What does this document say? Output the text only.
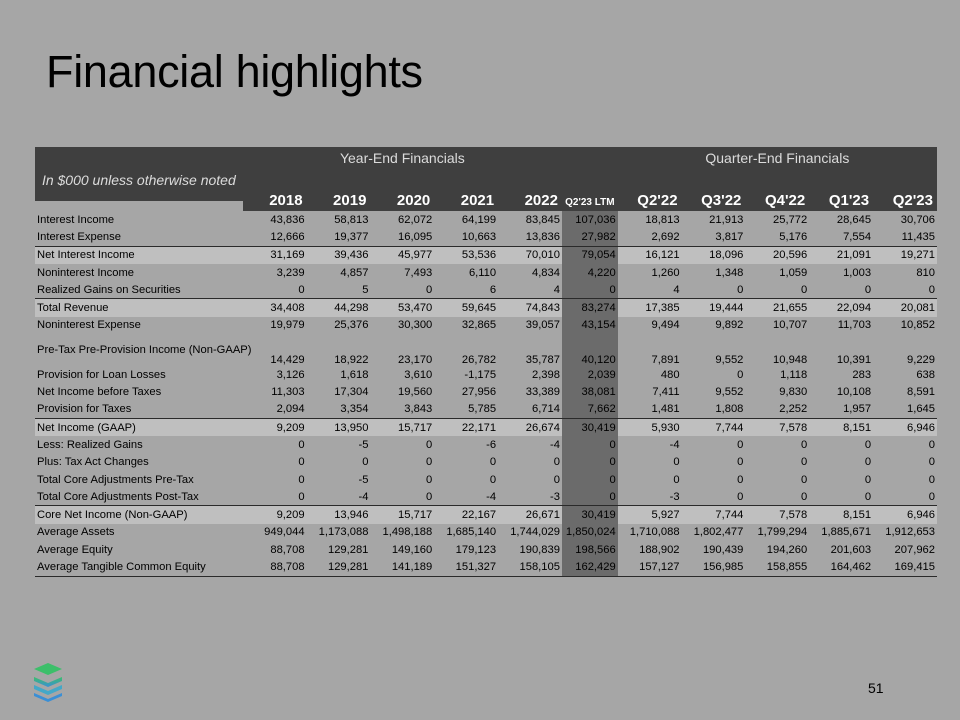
Financial highlights
	Year-End Financials						Quarter-End Financials				
In $000 unless otherwise noted	2018	2019	2020	2021	2022	Q2'23 LTM	Q2'22	Q3'22	Q4'22	Q1'23	Q2'23
Interest Income	43,836	58,813	62,072	64,199	83,845	107,036	18,813	21,913	25,772	28,645	30,706
Interest Expense	12,666	19,377	16,095	10,663	13,836	27,982	2,692	3,817	5,176	7,554	11,435
Net Interest Income	31,169	39,436	45,977	53,536	70,010	79,054	16,121	18,096	20,596	21,091	19,271
Noninterest Income	3,239	4,857	7,493	6,110	4,834	4,220	1,260	1,348	1,059	1,003	810
Realized Gains on Securities	0	5	0	6	4	0	4	0	0	0	0
Total Revenue	34,408	44,298	53,470	59,645	74,843	83,274	17,385	19,444	21,655	22,094	20,081
Noninterest Expense	19,979	25,376	30,300	32,865	39,057	43,154	9,494	9,892	10,707	11,703	10,852
Pre-Tax Pre-Provision Income (Non-GAAP)	14,429	18,922	23,170	26,782	35,787	40,120	7,891	9,552	10,948	10,391	9,229
Provision for Loan Losses	3,126	1,618	3,610	-1,175	2,398	2,039	480	0	1,118	283	638
Net Income before Taxes	11,303	17,304	19,560	27,956	33,389	38,081	7,411	9,552	9,830	10,108	8,591
Provision for Taxes	2,094	3,354	3,843	5,785	6,714	7,662	1,481	1,808	2,252	1,957	1,645
Net Income (GAAP)	9,209	13,950	15,717	22,171	26,674	30,419	5,930	7,744	7,578	8,151	6,946
Less: Realized Gains	0	-5	0	-6	-4	0	-4	0	0	0	0
Plus: Tax Act Changes	0	0	0	0	0	0	0	0	0	0	0
Total Core Adjustments Pre-Tax	0	-5	0	0	0	0	0	0	0	0	0
Total Core Adjustments Post-Tax	0	-4	0	-4	-3	0	-3	0	0	0	0
Core Net Income (Non-GAAP)	9,209	13,946	15,717	22,167	26,671	30,419	5,927	7,744	7,578	8,151	6,946
Average Assets	949,044	1,173,088	1,498,188	1,685,140	1,744,029	1,850,024	1,710,088	1,802,477	1,799,294	1,885,671	1,912,653
Average Equity	88,708	129,281	149,160	179,123	190,839	198,566	188,902	190,439	194,260	201,603	207,962
Average Tangible Common Equity	88,708	129,281	141,189	151,327	158,105	162,429	157,127	156,985	158,855	164,462	169,415
51
